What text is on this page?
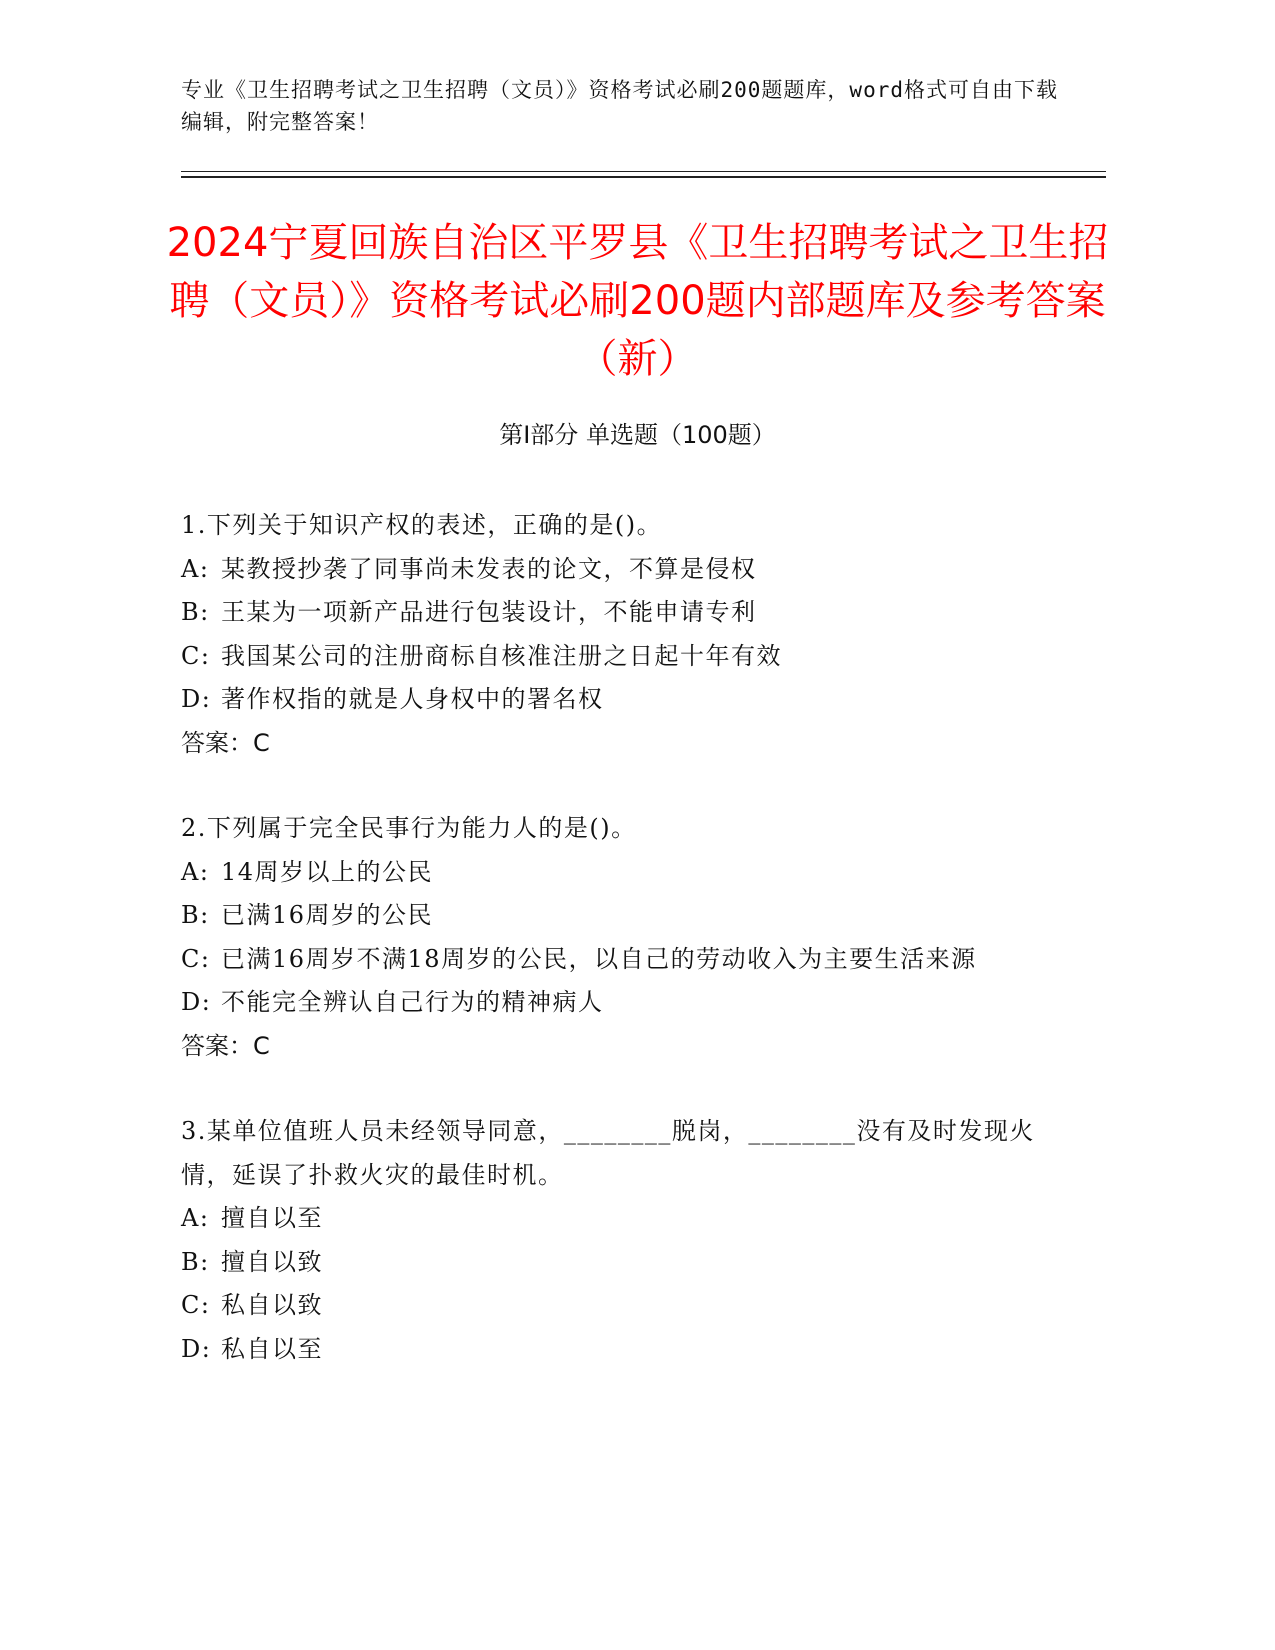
专业《卫生招聘考试之卫生招聘（文员）》资格考试必刷200题题库，word格式可自由下载编辑，附完整答案！
2024宁夏回族自治区平罗县《卫生招聘考试之卫生招聘（文员）》资格考试必刷200题内部题库及参考答案（新）
第I部分 单选题（100题）

1.下列关于知识产权的表述，正确的是()。

A: 某教授抄袭了同事尚未发表的论文，不算是侵权

B: 王某为一项新产品进行包装设计，不能申请专利

C: 我国某公司的注册商标自核准注册之日起十年有效

D: 著作权指的就是人身权中的署名权

答案：C

2.下列属于完全民事行为能力人的是()。

A: 14周岁以上的公民

B: 已满16周岁的公民

C: 已满16周岁不满18周岁的公民，以自己的劳动收入为主要生活来源

D: 不能完全辨认自己行为的精神病人

答案：C

3.某单位值班人员未经领导同意，________脱岗，________没有及时发现火情，延误了扑救火灾的最佳时机。

A: 擅自以至

B: 擅自以致

C: 私自以致

D: 私自以至
